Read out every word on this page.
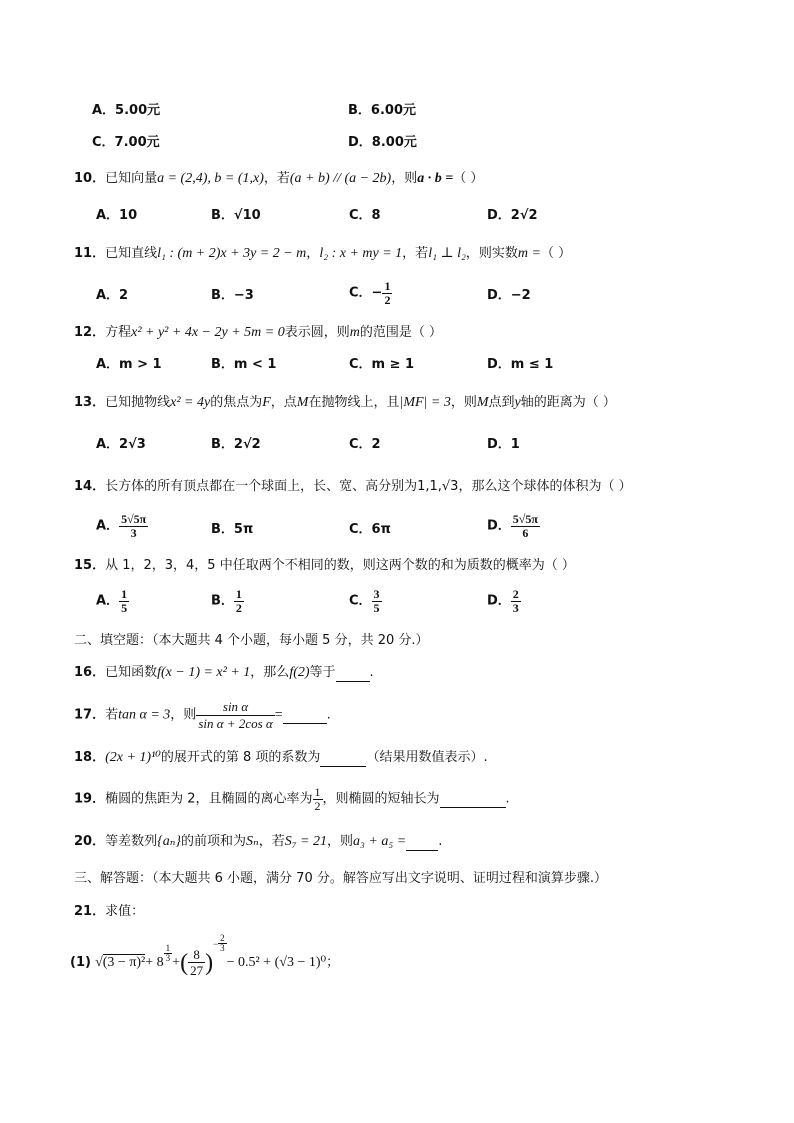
A．5.00元	B．6.00元
C．7.00元	D．8.00元
10．已知向量a = (2,4), b = (1,x)，若(a + b) // (a − 2b)，则a · b =（ ）
A．10	B．√10	C．8	D．2√2
11．已知直线l₁ : (m + 2)x + 3y = 2 − m，l₂ : x + my = 1，若l₁ ⊥ l₂，则实数m =（ ）
A．2	B．−3	C．− $\frac{1}{2}$	D．−2
12．方程x² + y² + 4x − 2y + 5m = 0表示圆，则m的范围是（ ）
A．m > 1	B．m < 1	C．m ≥ 1	D．m ≤ 1
13．已知抛物线x² = 4y的焦点为F，点M在抛物线上，且|MF| = 3，则M点到y轴的距离为（ ）
A．2√3	B．2√2	C．2	D．1
14．长方体的所有顶点都在一个球面上，长、宽、高分别为1,1,√3，那么这个球体的体积为（ ）
A． $\frac{5√5\pi}{3}$	B．5π	C．6π	D． $\frac{5√5\pi}{6}$
15．从 1，2，3，4，5 中任取两个不相同的数，则这两个数的和为质数的概率为（ ）
A． $\frac{1}{5}$	B． $\frac{1}{2}$	C． $\frac{3}{5}$	D． $\frac{2}{3}$
二、填空题：（本大题共 4 个小题，每小题 5 分，共 20 分.）
16．已知函数f(x − 1) = x² + 1，那么f(2)等于	.
17．若tan α = 3，则 $\frac{\text{sin α}}{\text{sin α + 2cos α}}$ =	.
18．(2x + 1)¹⁰的展开式的第 8 项的系数为	（结果用数值表示）.
19．椭圆的焦距为 2，且椭圆的离心率为 $\frac{1}{2}$ ，则椭圆的短轴长为	.
20．等差数列{aₙ}的前项和为Sₙ，若S₇ = 21，则a₃ + a₅ = .
三、解答题：（本大题共 6 小题，满分 70 分。解答应写出文字说明、证明过程和演算步骤.）
21．求值：
(1) $√(3 - \pi)^2+ 8 \frac{1}{3}$ +( $\frac{8}{27}$ )− $\frac{2}{3}$
− 0.5² + (√3 − 1)⁰；
